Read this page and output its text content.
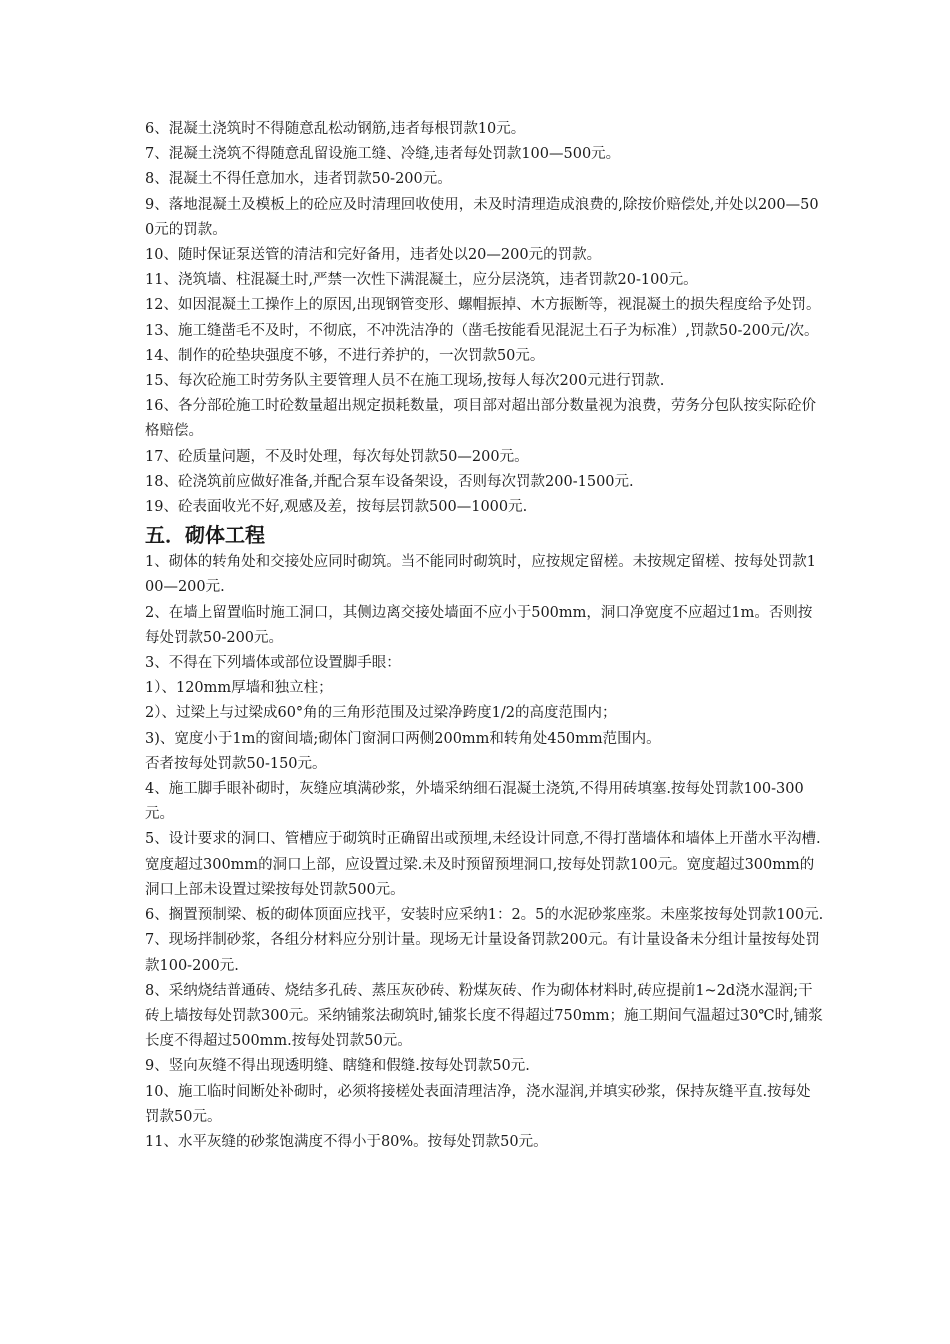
6、混凝土浇筑时不得随意乱松动钢筋,违者每根罚款10元。

7、混凝土浇筑不得随意乱留设施工缝、冷缝,违者每处罚款100—500元。

8、混凝土不得任意加水，违者罚款50-200元。

9、落地混凝土及模板上的砼应及时清理回收使用，未及时清理造成浪费的,除按价赔偿处,并处以200—500元的罚款。

10、随时保证泵送管的清洁和完好备用，违者处以20—200元的罚款。

11、浇筑墙、柱混凝土时,严禁一次性下满混凝土，应分层浇筑，违者罚款20-100元。

12、如因混凝土工操作上的原因,出现钢管变形、螺帽振掉、木方振断等，视混凝土的损失程度给予处罚。

13、施工缝凿毛不及时，不彻底，不冲洗洁净的（凿毛按能看见混泥土石子为标准）,罚款50-200元/次。

14、制作的砼垫块强度不够，不进行养护的，一次罚款50元。

15、每次砼施工时劳务队主要管理人员不在施工现场,按每人每次200元进行罚款.

16、各分部砼施工时砼数量超出规定损耗数量，项目部对超出部分数量视为浪费，劳务分包队按实际砼价格赔偿。

17、砼质量问题，不及时处理，每次每处罚款50—200元。

18、砼浇筑前应做好准备,并配合泵车设备架设，否则每次罚款200-1500元.

19、砼表面收光不好,观感及差，按每层罚款500—1000元.

五．砌体工程

1、砌体的转角处和交接处应同时砌筑。当不能同时砌筑时，应按规定留槎。未按规定留槎、按每处罚款100—200元.

2、在墙上留置临时施工洞口，其侧边离交接处墙面不应小于500mm，洞口净宽度不应超过1m。否则按每处罚款50-200元。

3、不得在下列墙体或部位设置脚手眼：

1）、120mm厚墙和独立柱；

2）、过梁上与过梁成60°角的三角形范围及过梁净跨度1/2的高度范围内；

3)、宽度小于1m的窗间墙;砌体门窗洞口两侧200mm和转角处450mm范围内。

否者按每处罚款50-150元。

4、施工脚手眼补砌时，灰缝应填满砂浆，外墙采纳细石混凝土浇筑,不得用砖填塞.按每处罚款100-300元。

5、设计要求的洞口、管槽应于砌筑时正确留出或预埋,未经设计同意,不得打凿墙体和墙体上开凿水平沟槽.宽度超过300mm的洞口上部，应设置过梁.未及时预留预埋洞口,按每处罚款100元。宽度超过300mm的洞口上部未设置过梁按每处罚款500元。

6、搁置预制梁、板的砌体顶面应找平，安装时应采纳1：2。5的水泥砂浆座浆。未座浆按每处罚款100元.

7、现场拌制砂浆，各组分材料应分别计量。现场无计量设备罚款200元。有计量设备未分组计量按每处罚款100-200元.

8、采纳烧结普通砖、烧结多孔砖、蒸压灰砂砖、粉煤灰砖、作为砌体材料时,砖应提前1~2d浇水湿润;干砖上墙按每处罚款300元。采纳铺浆法砌筑时,铺浆长度不得超过750mm；施工期间气温超过30℃时,铺浆长度不得超过500mm.按每处罚款50元。

9、竖向灰缝不得出现透明缝、瞎缝和假缝.按每处罚款50元.

10、施工临时间断处补砌时，必须将接槎处表面清理洁净，浇水湿润,并填实砂浆，保持灰缝平直.按每处罚款50元。

11、水平灰缝的砂浆饱满度不得小于80%。按每处罚款50元。
